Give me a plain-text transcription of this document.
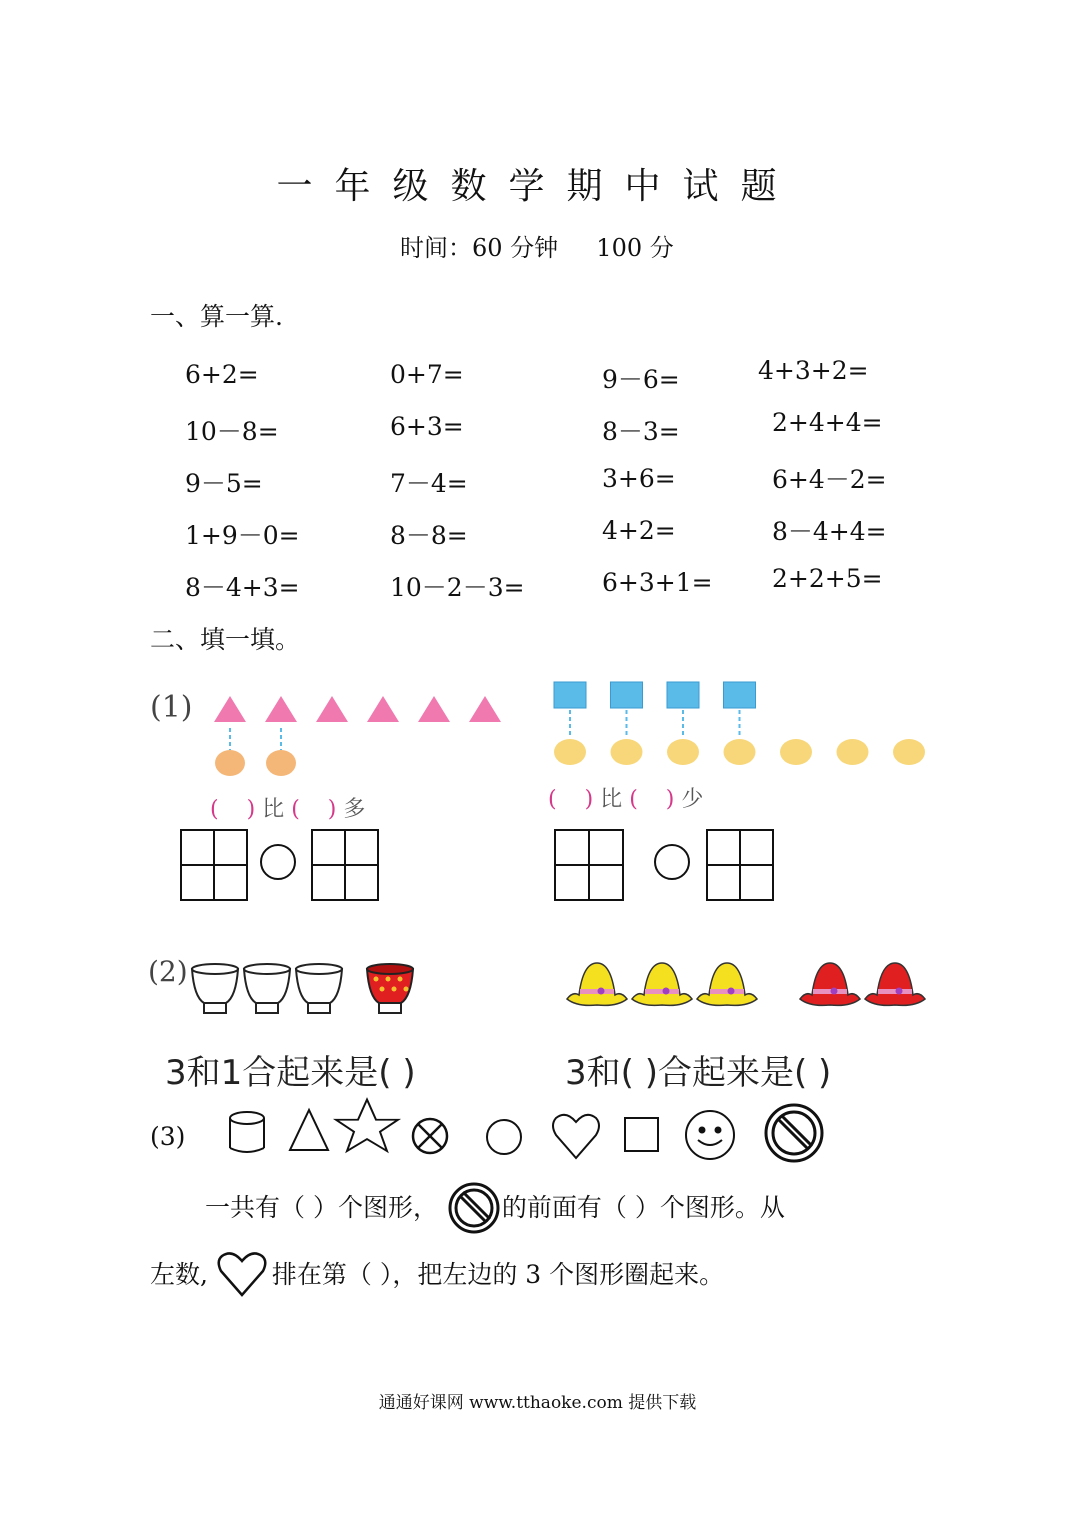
一年级数学期中试题
时间：60 分钟     100 分
一、算一算.
6+2=	0+7=	9－6=	4+3+2=
10－8=	6+3=	8－3=	2+4+4=
9－5=	7－4=	3+6=	6+4－2=
1+9－0=	8－8=	4+2=	8－4+4=
8－4+3=	10－2－3=	6+3+1= 2+2+5=
二、填一填。
(1)
( ) 比 ( ) 多	( ) 比 ( ) 少
(2)
3和1合起来是( )	3和( )合起来是( )
(3)
一共有（ ）个图形，	的前面有（ ）个图形。从
左数,	排在第（ ），把左边的 3 个图形圈起来。
通通好课网 www.tthaoke.com 提供下载
